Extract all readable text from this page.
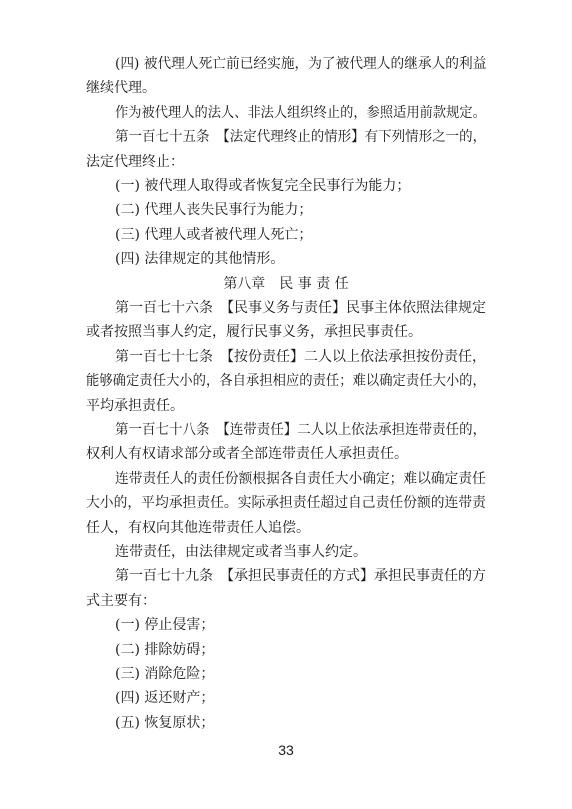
(四) 被代理人死亡前已经实施，为了被代理人的继承人的利益
继续代理。
作为被代理人的法人、非法人组织终止的，参照适用前款规定。
第一百七十五条　【法定代理终止的情形】有下列情形之一的，
法定代理终止：
(一) 被代理人取得或者恢复完全民事行为能力；
(二) 代理人丧失民事行为能力；
(三) 代理人或者被代理人死亡；
(四) 法律规定的其他情形。
第八章　民 事 责 任
第一百七十六条　【民事义务与责任】民事主体依照法律规定
或者按照当事人约定，履行民事义务，承担民事责任。
第一百七十七条　【按份责任】二人以上依法承担按份责任，
能够确定责任大小的，各自承担相应的责任；难以确定责任大小的，
平均承担责任。
第一百七十八条　【连带责任】二人以上依法承担连带责任的，
权利人有权请求部分或者全部连带责任人承担责任。
连带责任人的责任份额根据各自责任大小确定；难以确定责任
大小的，平均承担责任。实际承担责任超过自己责任份额的连带责
任人，有权向其他连带责任人追偿。
连带责任，由法律规定或者当事人约定。
第一百七十九条　【承担民事责任的方式】承担民事责任的方
式主要有：
(一) 停止侵害；
(二) 排除妨碍；
(三) 消除危险；
(四) 返还财产；
(五) 恢复原状；
33
